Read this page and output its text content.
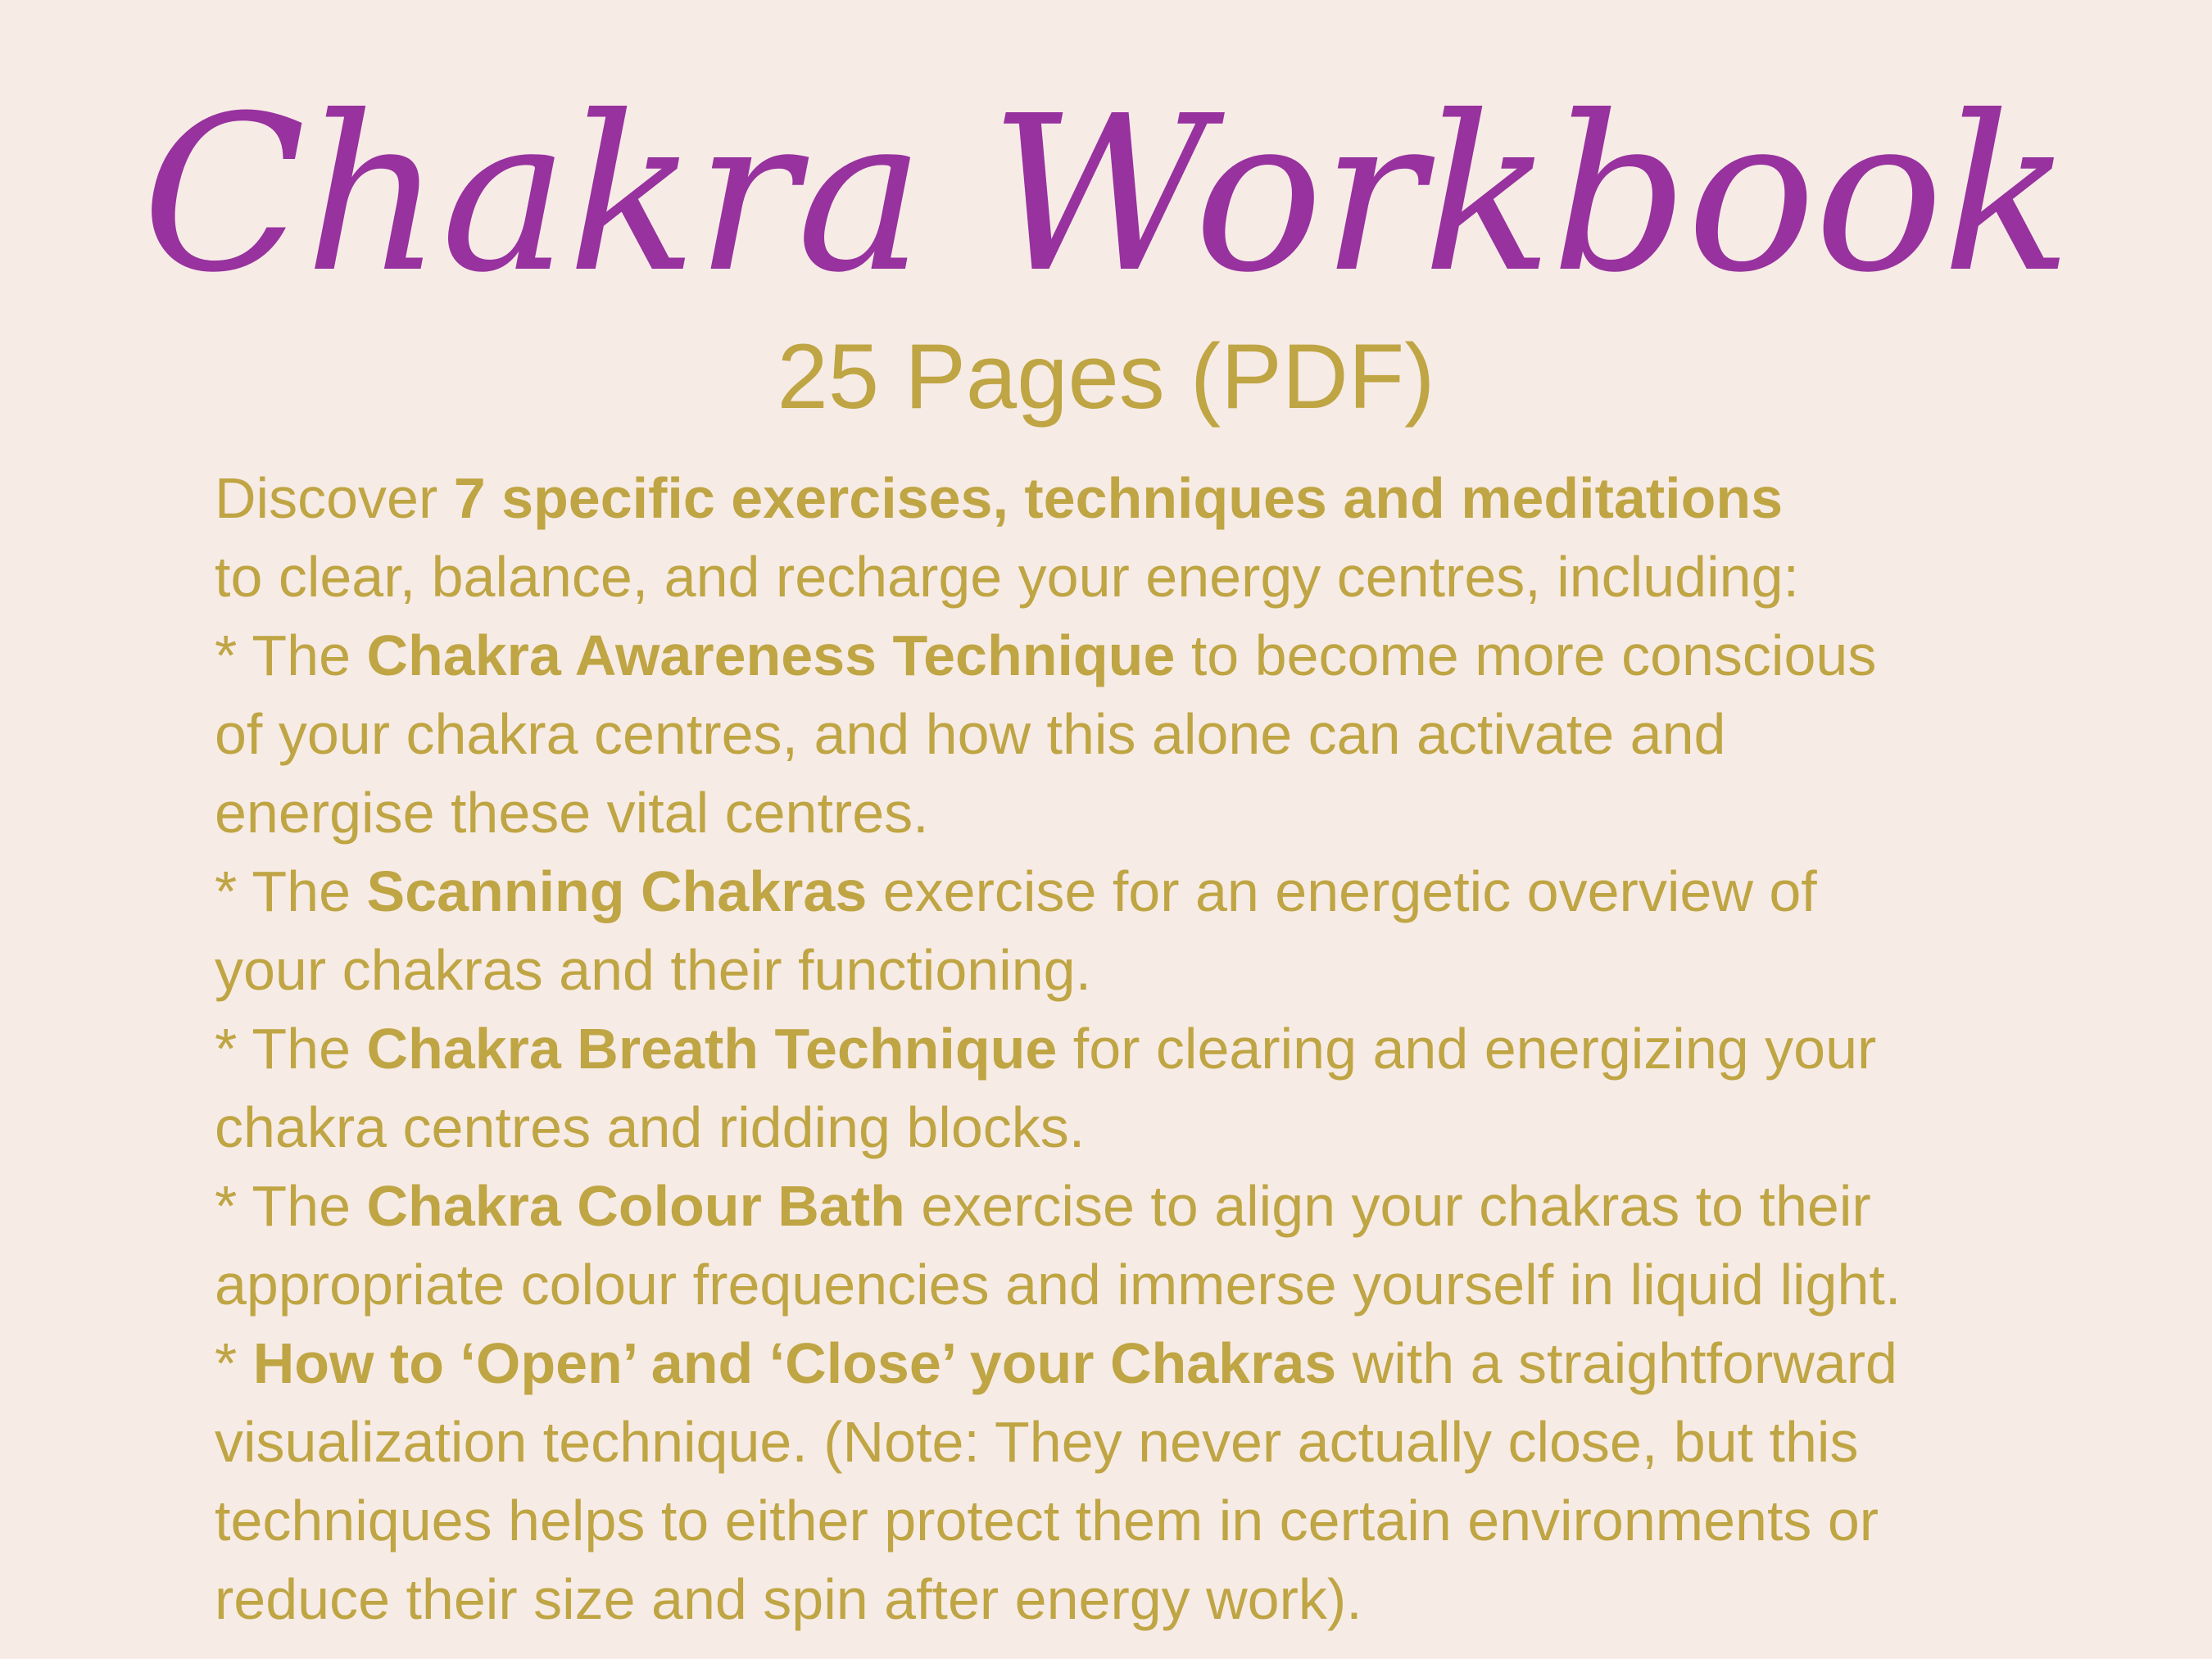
Chakra Workbook
25 Pages (PDF)
Discover 7 specific exercises, techniques and meditations
to clear, balance, and recharge your energy centres, including:
* The Chakra Awareness Technique to become more conscious
of your chakra centres, and how this alone can activate and
energise these vital centres.
* The Scanning Chakras exercise for an energetic overview of
your chakras and their functioning.
* The Chakra Breath Technique for clearing and energizing your
chakra centres and ridding blocks.
* The Chakra Colour Bath exercise to align your chakras to their
appropriate colour frequencies and immerse yourself in liquid light.
* How to ‘Open’ and ‘Close’ your Chakras with a straightforward
visualization technique. (Note: They never actually close, but this
techniques helps to either protect them in certain environments or
reduce their size and spin after energy work).
